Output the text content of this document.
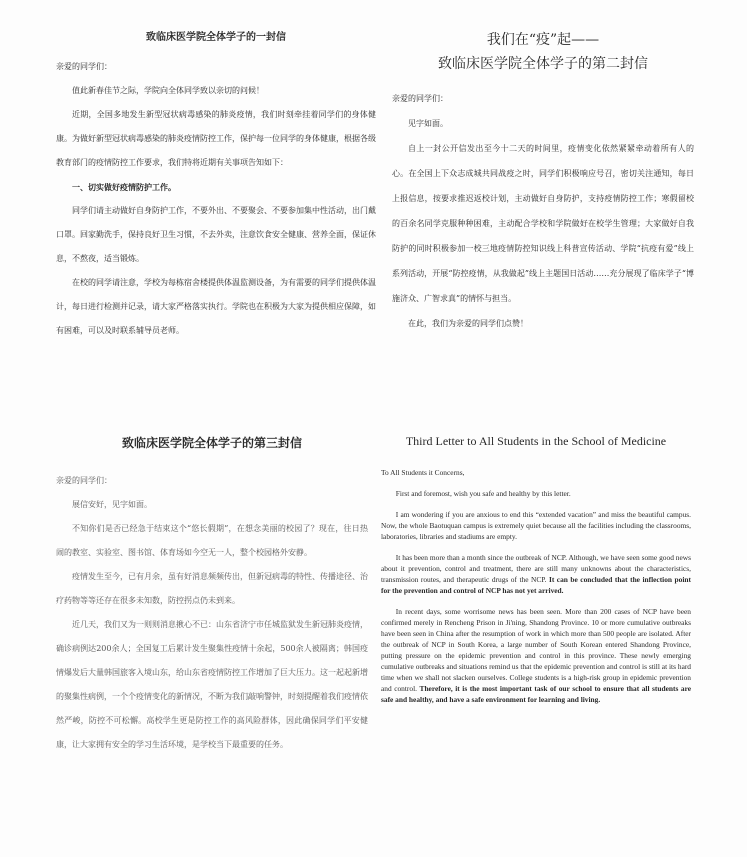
致临床医学院全体学子的一封信

亲爱的同学们：

值此新春佳节之际，学院向全体同学致以亲切的问候！

近期，全国多地发生新型冠状病毒感染的肺炎疫情，我们时刻牵挂着同学们的身体健康。为做好新型冠状病毒感染的肺炎疫情防控工作，保护每一位同学的身体健康，根据各级教育部门的疫情防控工作要求，我们特将近期有关事项告知如下：

一、切实做好疫情防护工作。

同学们请主动做好自身防护工作，不要外出、不要聚会、不要参加集中性活动，出门戴口罩。回家勤洗手，保持良好卫生习惯，不去外卖，注意饮食安全健康、营养全面，保证休息，不熬夜，适当锻炼。

在校的同学请注意，学校为每栋宿舍楼提供体温监测设备，为有需要的同学们提供体温计，每日进行检测并记录，请大家严格落实执行。学院也在积极为大家为提供相应保障，如有困难，可以及时联系辅导员老师。

我们在“疫”起——
致临床医学院全体学子的第二封信

亲爱的同学们：

见字如面。

自上一封公开信发出至今十二天的时间里，疫情变化依然紧紧牵动着所有人的心。在全国上下众志成城共同战疫之时，同学们积极响应号召，密切关注通知，每日上报信息，按要求推迟返校计划，主动做好自身防护，支持疫情防控工作；寒假留校的百余名同学克服种种困难，主动配合学校和学院做好在校学生管理；大家做好自我防护的同时积极参加一校三地疫情防控知识线上科普宣传活动、学院“抗疫有爱”线上系列活动，开展“防控疫情，从我做起”线上主题国日活动……充分展现了临床学子“博施济众、广智求真”的情怀与担当。

在此，我们为亲爱的同学们点赞！

致临床医学院全体学子的第三封信

亲爱的同学们：

展信安好，见字如面。

不知你们是否已经急于结束这个“悠长假期”，在想念美丽的校园了？现在，往日热闹的教室、实验室、图书馆、体育场如今空无一人，整个校园格外安静。

疫情发生至今，已有月余，虽有好消息频频传出，但新冠病毒的特性、传播途径、治疗药物等等还存在很多未知数，防控拐点仍未到来。

近几天，我们又为一则则消息揪心不已：山东省济宁市任城监狱发生新冠肺炎疫情，确诊病例达200余人；全国复工后累计发生聚集性疫情十余起，500余人被隔离；韩国疫情爆发后大量韩国旅客入境山东，给山东省疫情防控工作增加了巨大压力。这一起起新增的聚集性病例，一个个疫情变化的新情况，不断为我们敲响警钟，时刻提醒着我们疫情依然严峻，防控不可松懈。高校学生更是防控工作的高风险群体，因此确保同学们平安健康，让大家拥有安全的学习生活环境，是学校当下最重要的任务。

Third Letter to All Students in the School of Medicine

To All Students it Concerns,

First and foremost, wish you safe and healthy by this letter.

I am wondering if you are anxious to end this “extended vacation” and miss the beautiful campus. Now, the whole Baotuquan campus is extremely quiet because all the facilities including the classrooms, laboratories, libraries and stadiums are empty.

It has been more than a month since the outbreak of NCP. Although, we have seen some good news about it prevention, control and treatment, there are still many unknowns about the characteristics, transmission routes, and therapeutic drugs of the NCP. It can be concluded that the inflection point for the prevention and control of NCP has not yet arrived.

In recent days, some worrisome news has been seen. More than 200 cases of NCP have been confirmed merely in Rencheng Prison in Ji'ning, Shandong Province. 10 or more cumulative outbreaks have been seen in China after the resumption of work in which more than 500 people are isolated. After the outbreak of NCP in South Korea, a large number of South Korean entered Shandong Province, putting pressure on the epidemic prevention and control in this province. These newly emerging cumulative outbreaks and situations remind us that the epidemic prevention and control is still at its hard time when we shall not slacken ourselves. College students is a high-risk group in epidemic prevention and control. Therefore, it is the most important task of our school to ensure that all students are safe and healthy, and have a safe environment for learning and living.
